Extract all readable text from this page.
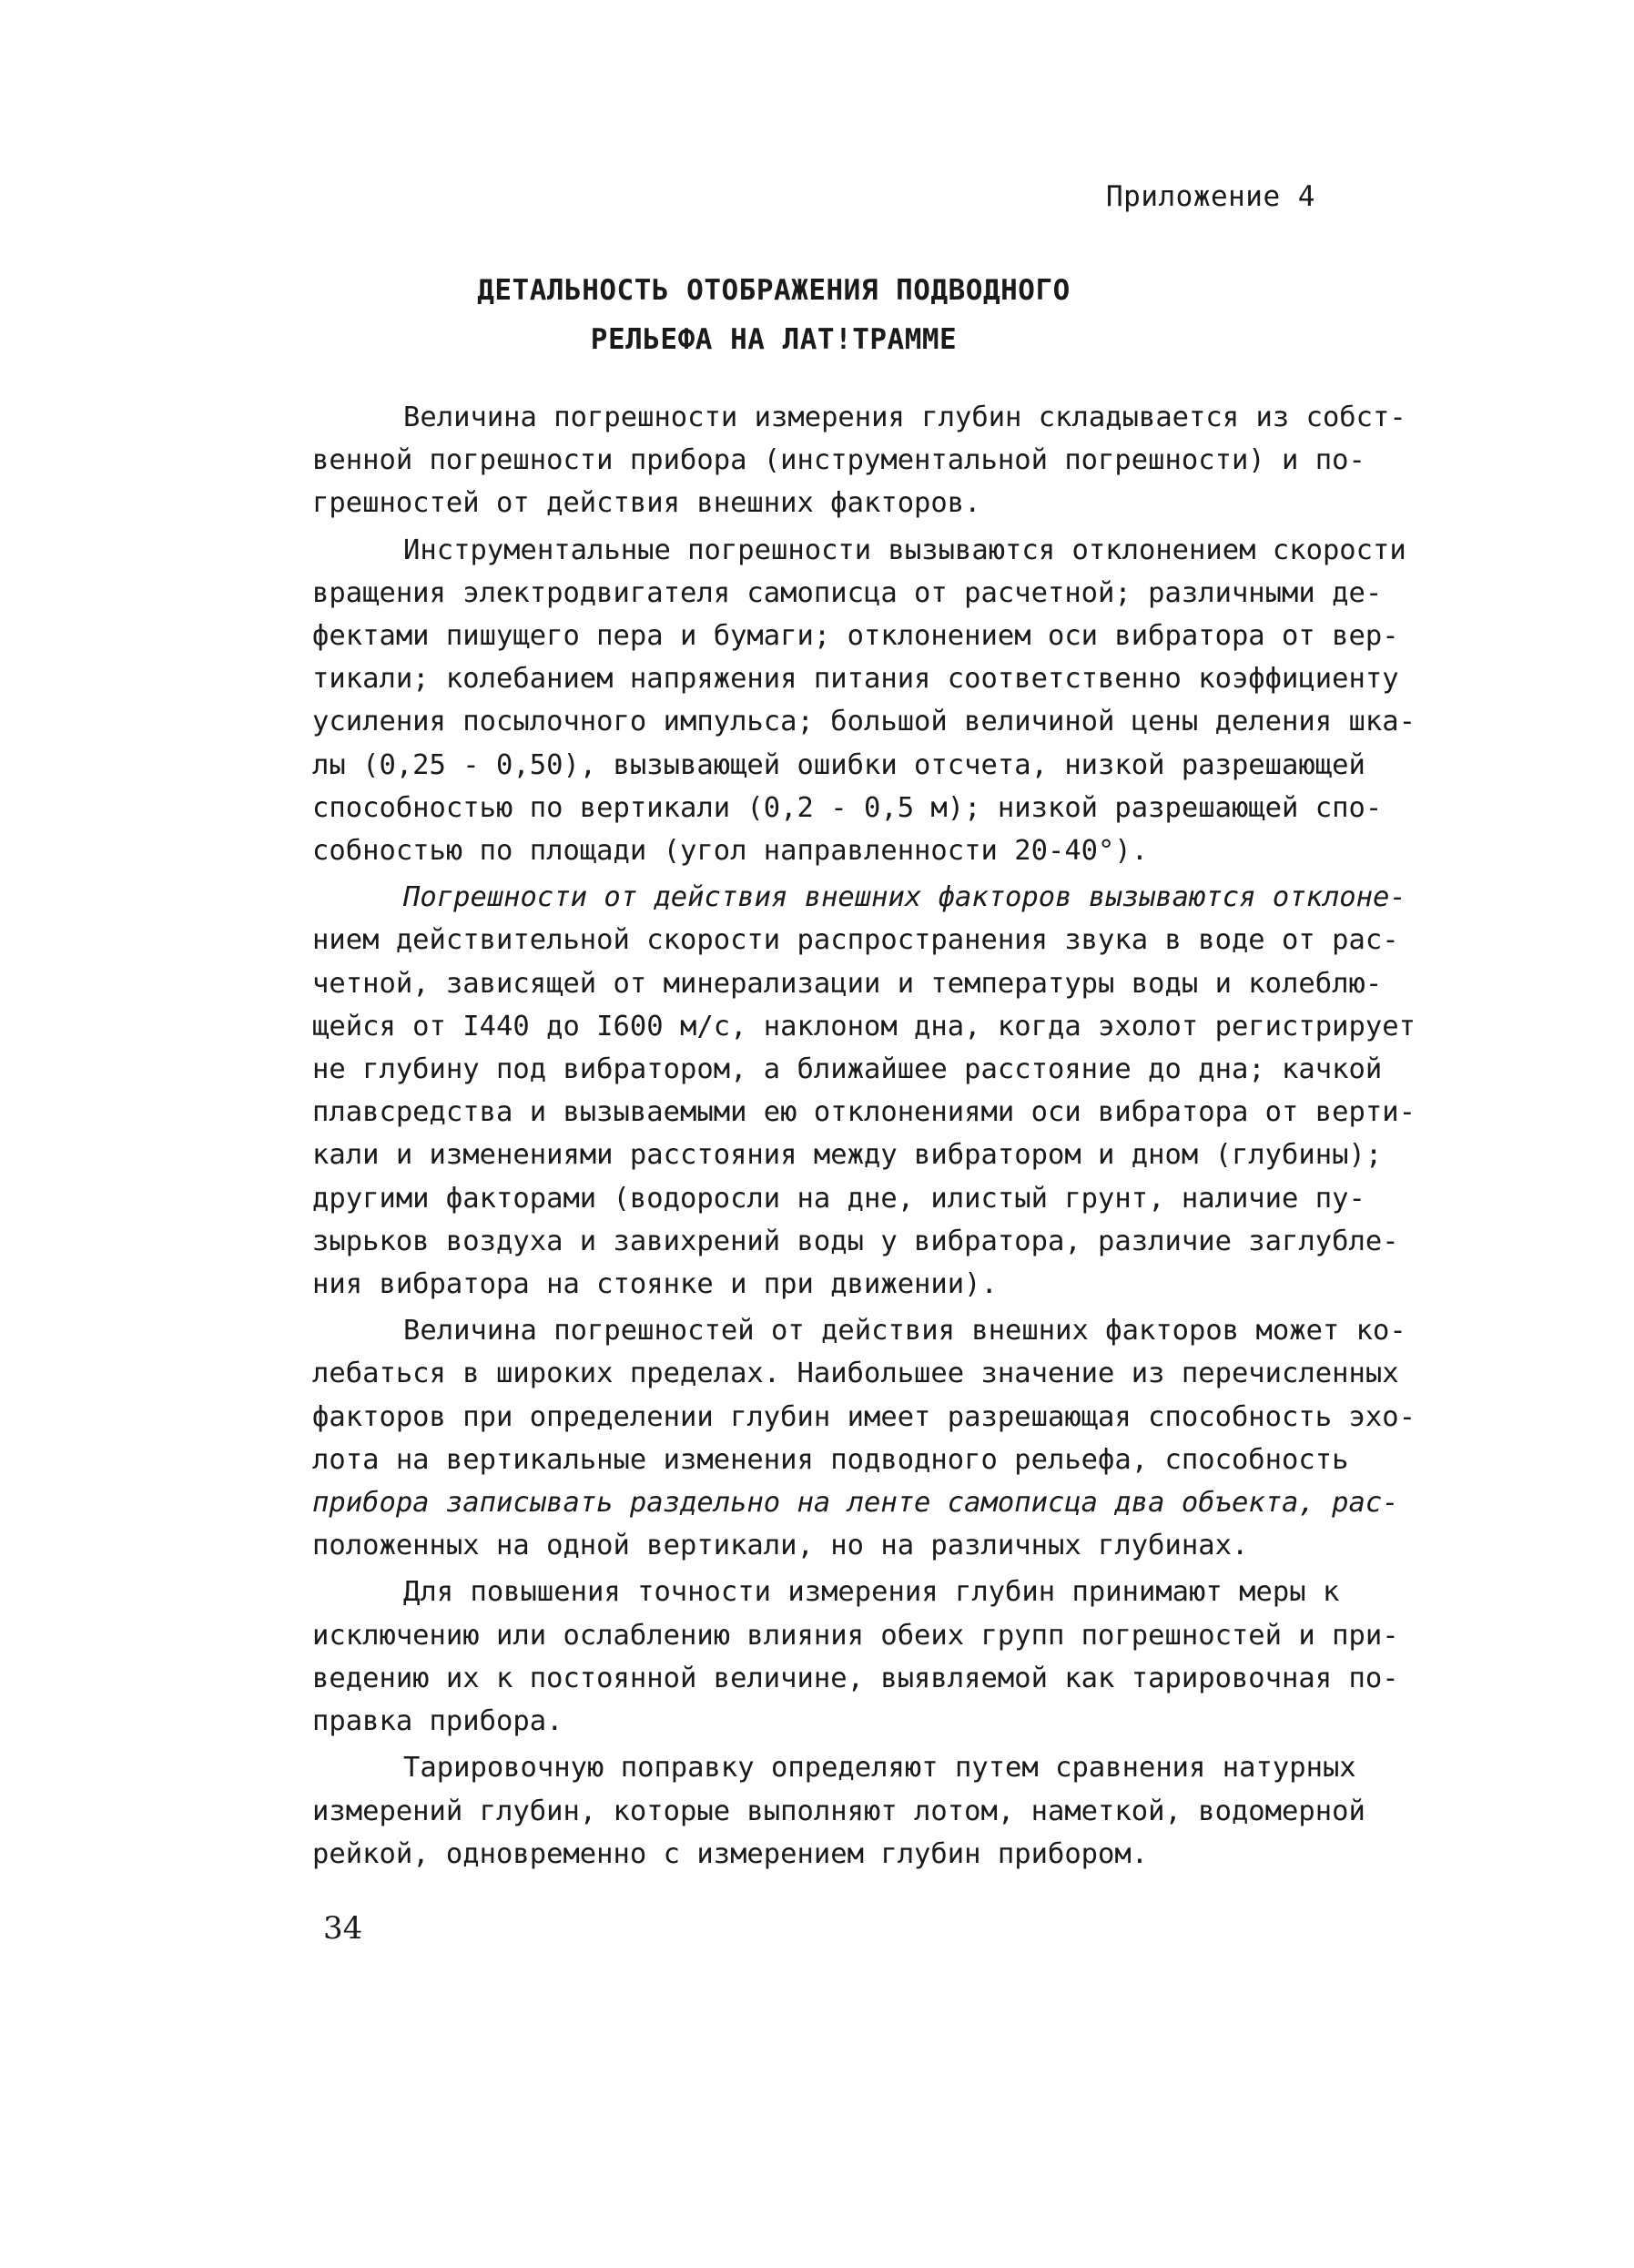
Приложение 4
ДЕТАЛЬНОСТЬ ОТОБРАЖЕНИЯ ПОДВОДНОГО
РЕЛЬЕФА НА ЛАТ!ТРАММЕ
Величина погрешности измерения глубин складывается из собст-
венной погрешности прибора (инструментальной погрешности) и по-
грешностей от действия внешних факторов.
Инструментальные погрешности вызываются отклонением скорости
вращения электродвигателя самописца от расчетной; различными де-
фектами пишущего пера и бумаги; отклонением оси вибратора от вер-
тикали; колебанием напряжения питания соответственно коэффициенту
усиления посылочного импульса; большой величиной цены деления шка-
лы (0,25 - 0,50), вызывающей ошибки отсчета, низкой разрешающей
способностью по вертикали (0,2 - 0,5 м); низкой разрешающей спо-
собностью по площади (угол направленности 20-40°).
Погрешности от действия внешних факторов вызываются отклоне-
нием действительной скорости распространения звука в воде от рас-
четной, зависящей от минерализации и температуры воды и колеблю-
щейся от I440 до I600 м/с, наклоном дна, когда эхолот регистрирует
не глубину под вибратором, а ближайшее расстояние до дна; качкой
плавсредства и вызываемыми ею отклонениями оси вибратора от верти-
кали и изменениями расстояния между вибратором и дном (глубины);
другими факторами (водоросли на дне, илистый грунт, наличие пу-
зырьков воздуха и завихрений воды у вибратора, различие заглубле-
ния вибратора на стоянке и при движении).
Величина погрешностей от действия внешних факторов может ко-
лебаться в широких пределах. Наибольшее значение из перечисленных
факторов при определении глубин имеет разрешающая способность эхо-
лота на вертикальные изменения подводного рельефа, способность
прибора записывать раздельно на ленте самописца два объекта, рас-
положенных на одной вертикали, но на различных глубинах.
Для повышения точности измерения глубин принимают меры к
исключению или ослаблению влияния обеих групп погрешностей и при-
ведению их к постоянной величине, выявляемой как тарировочная по-
правка прибора.
Тарировочную поправку определяют путем сравнения натурных
измерений глубин, которые выполняют лотом, наметкой, водомерной
рейкой, одновременно с измерением глубин прибором.
34
